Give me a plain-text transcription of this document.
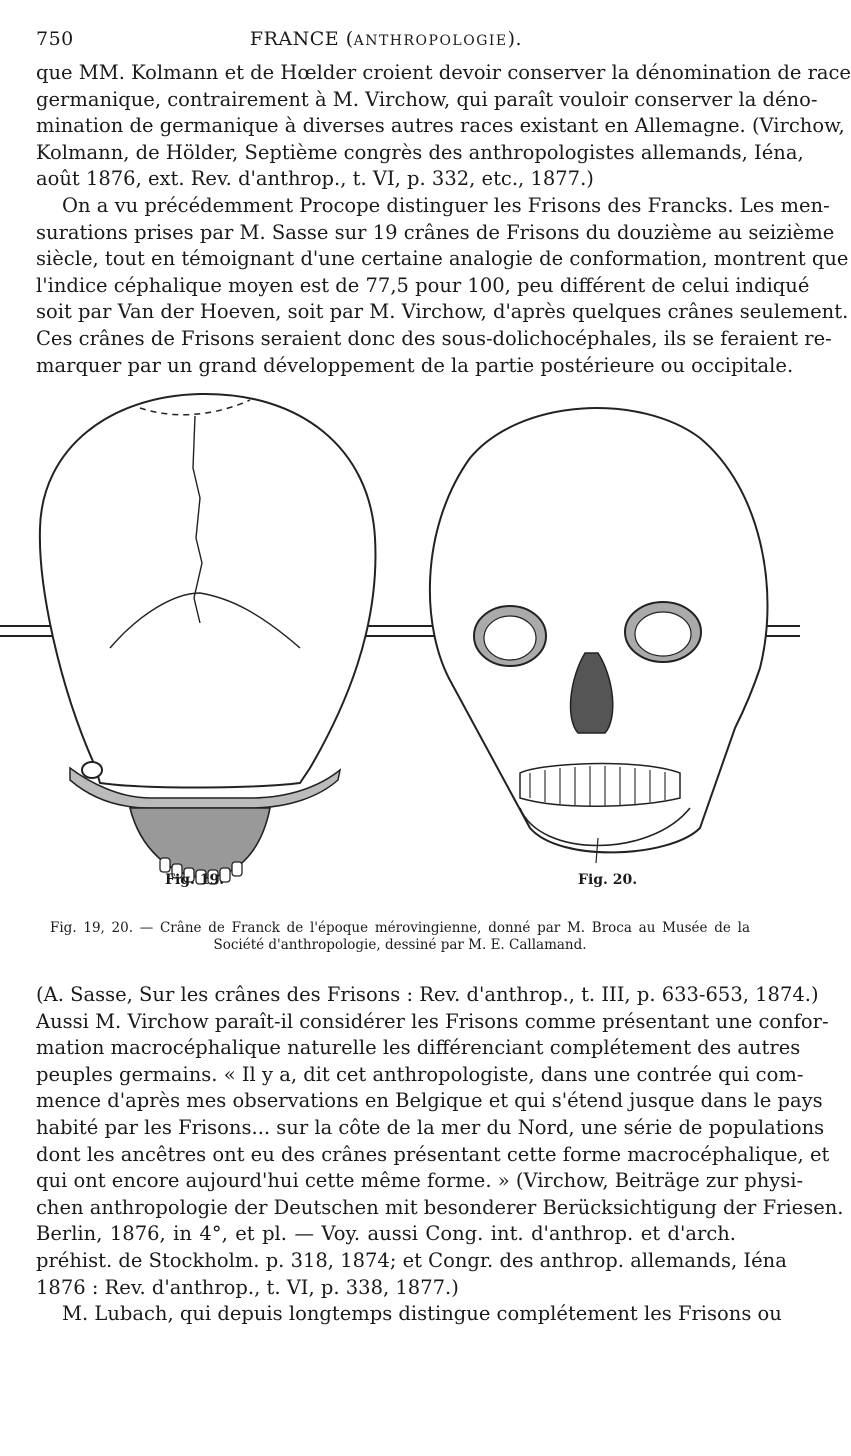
750	FRANCE (ANTHROPOLOGIE).

que MM. Kolmann et de Hœlder croient devoir conserver la dénomination de race
germanique, contrairement à M. Virchow, qui paraît vouloir conserver la déno-
mination de germanique à diverses autres races existant en Allemagne. (Virchow,
Kolmann, de Hölder, Septième congrès des anthropologistes allemands, Iéna,
août 1876, ext. Rev. d'anthrop., t. VI, p. 332, etc., 1877.)

On a vu précédemment Procope distinguer les Frisons des Francks. Les men-
surations prises par M. Sasse sur 19 crânes de Frisons du douzième au seizième
siècle, tout en témoignant d'une certaine analogie de conformation, montrent que
l'indice céphalique moyen est de 77,5 pour 100, peu différent de celui indiqué
soit par Van der Hoeven, soit par M. Virchow, d'après quelques crânes seulement.
Ces crânes de Frisons seraient donc des sous-dolichocéphales, ils se feraient re-
marquer par un grand développement de la partie postérieure ou occipitale.

Fig. 19.	Fig. 20.
Fig. 19, 20. — Crâne de Franck de l'époque mérovingienne, donné par M. Broca au Musée de la
Société d'anthropologie, dessiné par M. E. Callamand.

(A. Sasse, Sur les crânes des Frisons : Rev. d'anthrop., t. III, p. 633-653, 1874.)
Aussi M. Virchow paraît-il considérer les Frisons comme présentant une confor-
mation macrocéphalique naturelle les différenciant complétement des autres
peuples germains. « Il y a, dit cet anthropologiste, dans une contrée qui com-
mence d'après mes observations en Belgique et qui s'étend jusque dans le pays
habité par les Frisons... sur la côte de la mer du Nord, une série de populations
dont les ancêtres ont eu des crânes présentant cette forme macrocéphalique, et
qui ont encore aujourd'hui cette même forme. » (Virchow, Beiträge zur physi-
chen anthropologie der Deutschen mit besonderer Berücksichtigung der Friesen.
Berlin, 1876, in 4°, et pl. — Voy. aussi Cong. int. d'anthrop. et d'arch.
préhist. de Stockholm. p. 318, 1874; et Congr. des anthrop. allemands, Iéna
1876 : Rev. d'anthrop., t. VI, p. 338, 1877.)

M. Lubach, qui depuis longtemps distingue complétement les Frisons ou
